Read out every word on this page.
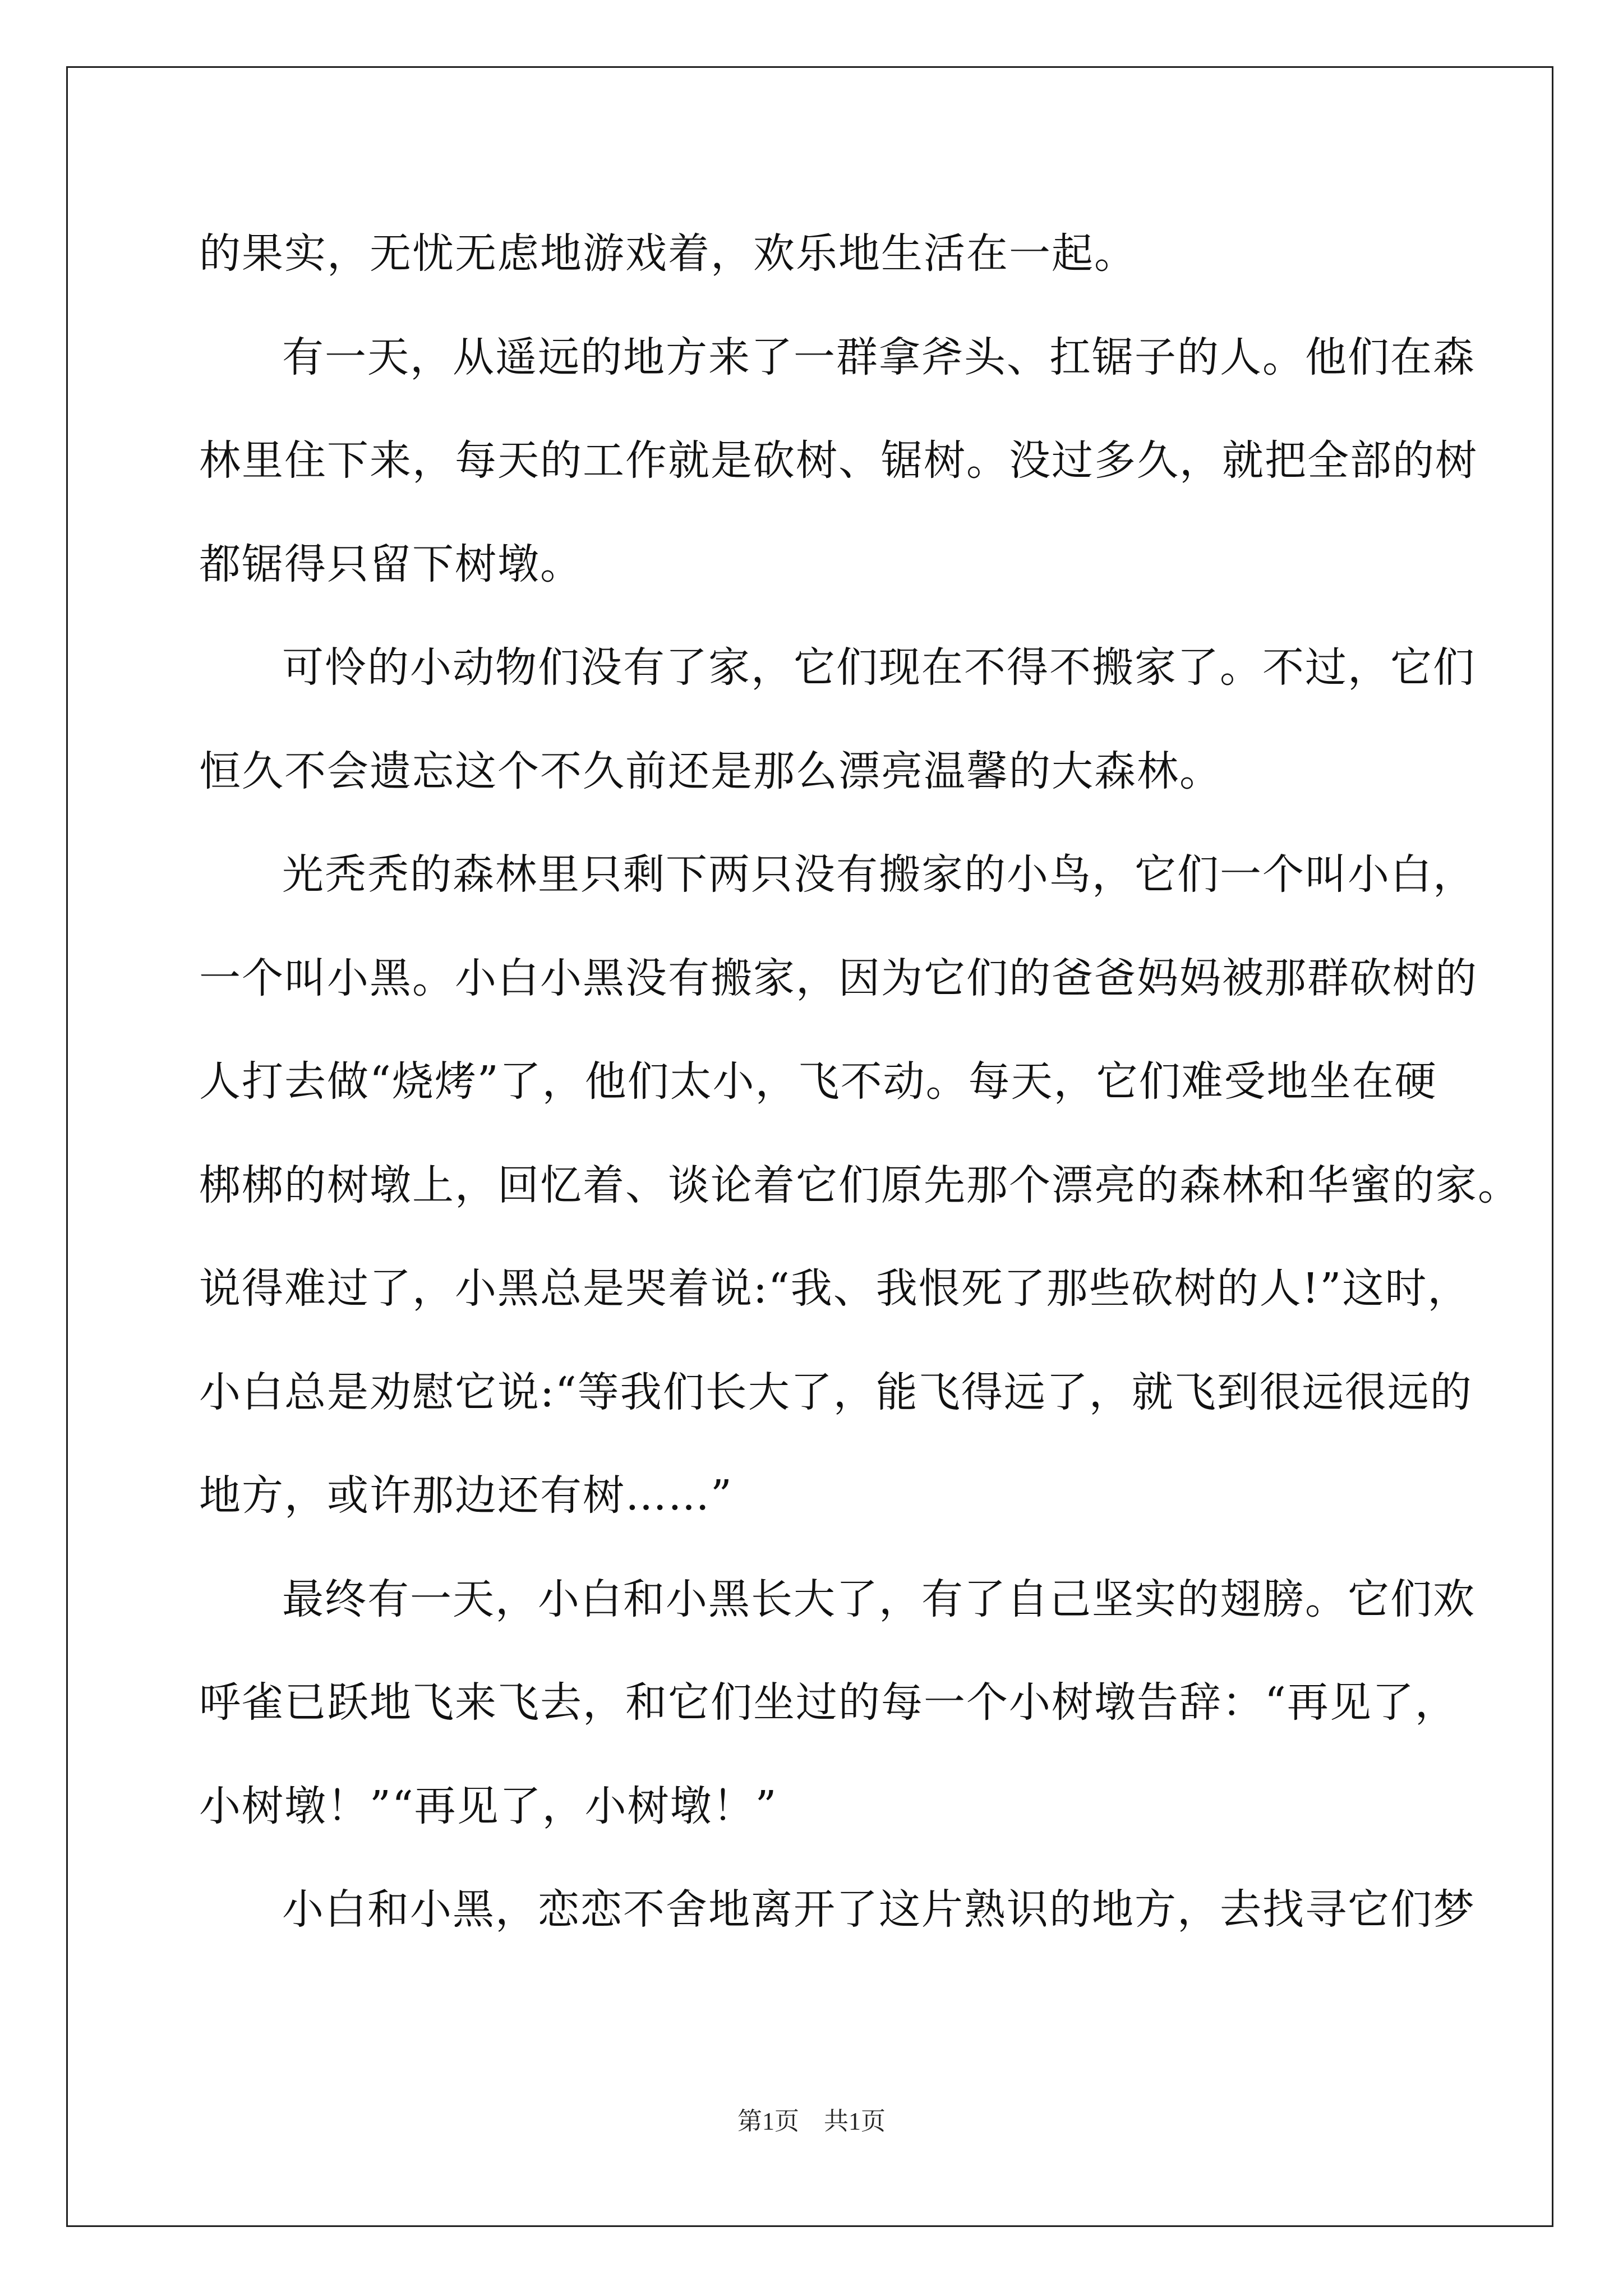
的果实，无忧无虑地游戏着，欢乐地生活在一起。
有一天，从遥远的地方来了一群拿斧头、扛锯子的人。他们在森
林里住下来，每天的工作就是砍树、锯树。没过多久，就把全部的树
都锯得只留下树墩。
可怜的小动物们没有了家，它们现在不得不搬家了。不过，它们
恒久不会遗忘这个不久前还是那么漂亮温馨的大森林。
光秃秃的森林里只剩下两只没有搬家的小鸟，它们一个叫小白，
一个叫小黑。小白小黑没有搬家，因为它们的爸爸妈妈被那群砍树的
人打去做“烧烤”了，他们太小，飞不动。每天，它们难受地坐在硬
梆梆的树墩上，回忆着、谈论着它们原先那个漂亮的森林和华蜜的家。
说得难过了，小黑总是哭着说:“我、我恨死了那些砍树的人!”这时，
小白总是劝慰它说:“等我们长大了，能飞得远了，就飞到很远很远的
地方，或许那边还有树……”
最终有一天，小白和小黑长大了，有了自己坚实的翅膀。它们欢
呼雀已跃地飞来飞去，和它们坐过的每一个小树墩告辞：“再见了，
小树墩！”“再见了，小树墩！”
小白和小黑，恋恋不舍地离开了这片熟识的地方，去找寻它们梦
第1页　共1页
